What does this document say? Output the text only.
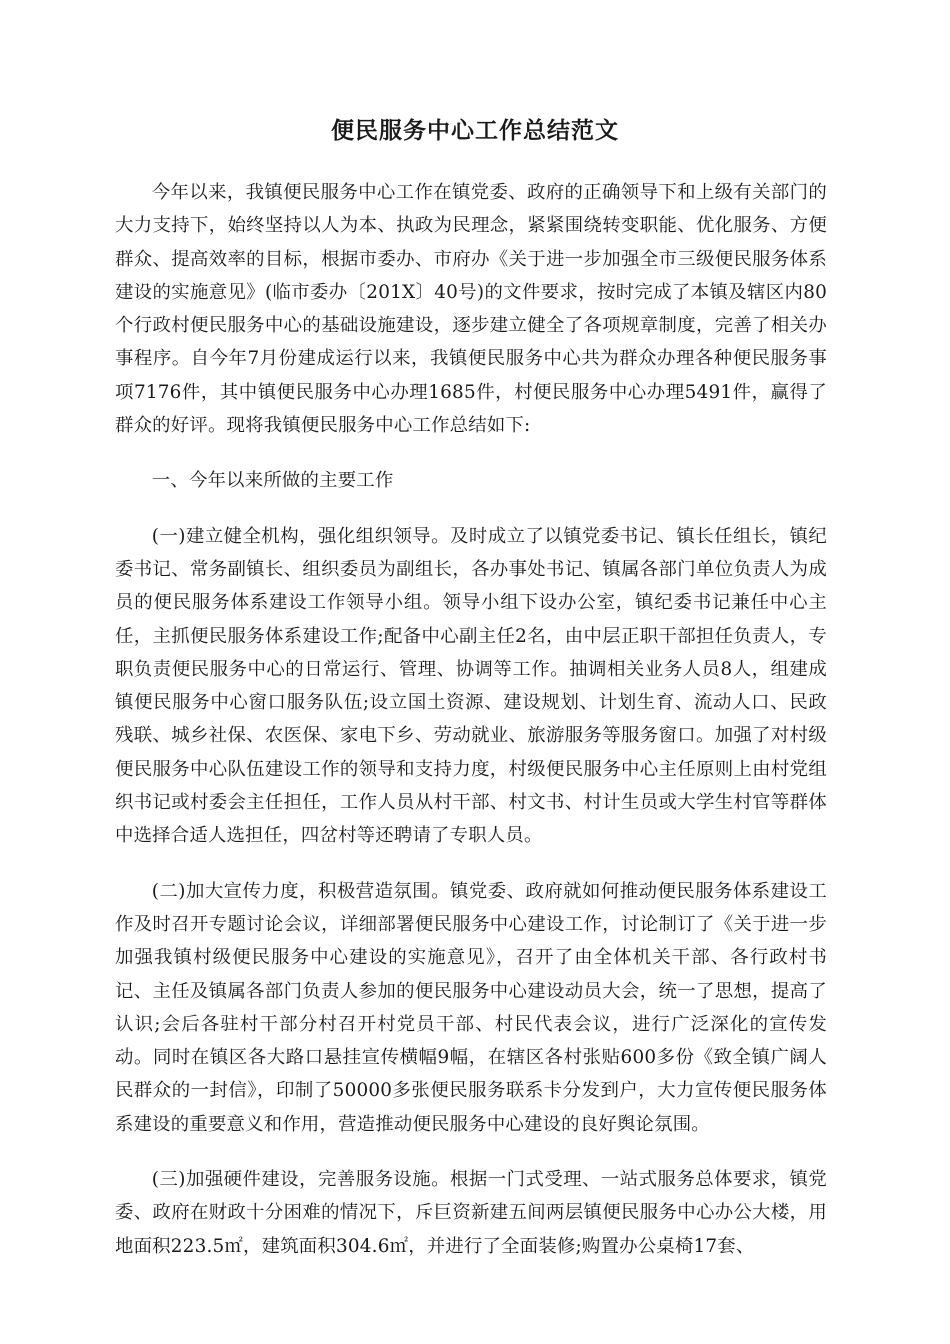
便民服务中心工作总结范文

今年以来，我镇便民服务中心工作在镇党委、政府的正确领导下和上级有关部门的大力支持下，始终坚持以人为本、执政为民理念，紧紧围绕转变职能、优化服务、方便群众、提高效率的目标，根据市委办、市府办《关于进一步加强全市三级便民服务体系建设的实施意见》(临市委办〔201X〕40号)的文件要求，按时完成了本镇及辖区内80个行政村便民服务中心的基础设施建设，逐步建立健全了各项规章制度，完善了相关办事程序。自今年7月份建成运行以来，我镇便民服务中心共为群众办理各种便民服务事项7176件，其中镇便民服务中心办理1685件，村便民服务中心办理5491件，赢得了群众的好评。现将我镇便民服务中心工作总结如下:

一、今年以来所做的主要工作

(一)建立健全机构，强化组织领导。及时成立了以镇党委书记、镇长任组长，镇纪委书记、常务副镇长、组织委员为副组长，各办事处书记、镇属各部门单位负责人为成员的便民服务体系建设工作领导小组。领导小组下设办公室，镇纪委书记兼任中心主任，主抓便民服务体系建设工作;配备中心副主任2名，由中层正职干部担任负责人，专职负责便民服务中心的日常运行、管理、协调等工作。抽调相关业务人员8人，组建成镇便民服务中心窗口服务队伍;设立国土资源、建设规划、计划生育、流动人口、民政残联、城乡社保、农医保、家电下乡、劳动就业、旅游服务等服务窗口。加强了对村级便民服务中心队伍建设工作的领导和支持力度，村级便民服务中心主任原则上由村党组织书记或村委会主任担任，工作人员从村干部、村文书、村计生员或大学生村官等群体中选择合适人选担任，四岔村等还聘请了专职人员。

(二)加大宣传力度，积极营造氛围。镇党委、政府就如何推动便民服务体系建设工作及时召开专题讨论会议，详细部署便民服务中心建设工作，讨论制订了《关于进一步加强我镇村级便民服务中心建设的实施意见》，召开了由全体机关干部、各行政村书记、主任及镇属各部门负责人参加的便民服务中心建设动员大会，统一了思想，提高了认识;会后各驻村干部分村召开村党员干部、村民代表会议，进行广泛深化的宣传发动。同时在镇区各大路口悬挂宣传横幅9幅，在辖区各村张贴600多份《致全镇广阔人民群众的一封信》，印制了50000多张便民服务联系卡分发到户，大力宣传便民服务体系建设的重要意义和作用，营造推动便民服务中心建设的良好舆论氛围。

(三)加强硬件建设，完善服务设施。根据一门式受理、一站式服务总体要求，镇党委、政府在财政十分困难的情况下，斥巨资新建五间两层镇便民服务中心办公大楼，用地面积223.5㎡，建筑面积304.6㎡，并进行了全面装修;购置办公桌椅17套、
